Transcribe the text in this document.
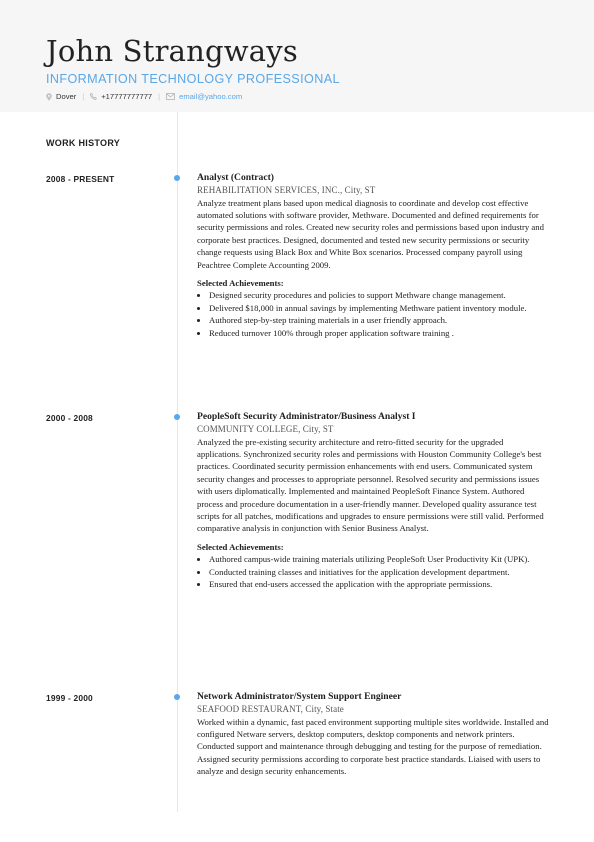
John Strangways
INFORMATION TECHNOLOGY PROFESSIONAL
Dover | +17777777777 |	email@yahoo.com
WORK HISTORY
2008 - PRESENT	Analyst (Contract)
REHABILITATION SERVICES, INC., City, ST

Analyze treatment plans based upon medical diagnosis to coordinate and develop cost effective automated solutions with software provider, Methware. Documented and defined requirements for security permissions and roles. Created new security roles and permissions based upon industry and corporate best practices. Designed, documented and tested new security permissions or security change requests using Black Box and White Box scenarios. Processed company payroll using Peachtree Complete Accounting 2009.

Selected Achievements:
• Designed security procedures and policies to support Methware change management.
• Delivered $18,000 in annual savings by implementing Methware patient inventory module.
• Authored step-by-step training materials in a user friendly approach.
• Reduced turnover 100% through proper application software training .
2000 - 2008	PeopleSoft Security Administrator/Business Analyst I
COMMUNITY COLLEGE, City, ST

Analyzed the pre-existing security architecture and retro-fitted security for the upgraded applications. Synchronized security roles and permissions with Houston Community College's best practices. Coordinated security permission enhancements with end users. Communicated system security changes and processes to appropriate personnel. Resolved security and permissions issues with users diplomatically. Implemented and maintained PeopleSoft Finance System. Authored process and procedure documentation in a user-friendly manner. Developed quality assurance test scripts for all patches, modifications and upgrades to ensure permissions were still valid. Performed comparative analysis in conjunction with Senior Business Analyst.

Selected Achievements:
• Authored campus-wide training materials utilizing PeopleSoft User Productivity Kit (UPK).
• Conducted training classes and initiatives for the application development department.
• Ensured that end-users accessed the application with the appropriate permissions.
1999 - 2000	Network Administrator/System Support Engineer
SEAFOOD RESTAURANT, City, State

Worked within a dynamic, fast paced environment supporting multiple sites worldwide. Installed and configured Netware servers, desktop computers, desktop components and network printers. Conducted support and maintenance through debugging and testing for the purpose of remediation. Assigned security permissions according to corporate best practice standards. Liaised with users to analyze and design security enhancements.
